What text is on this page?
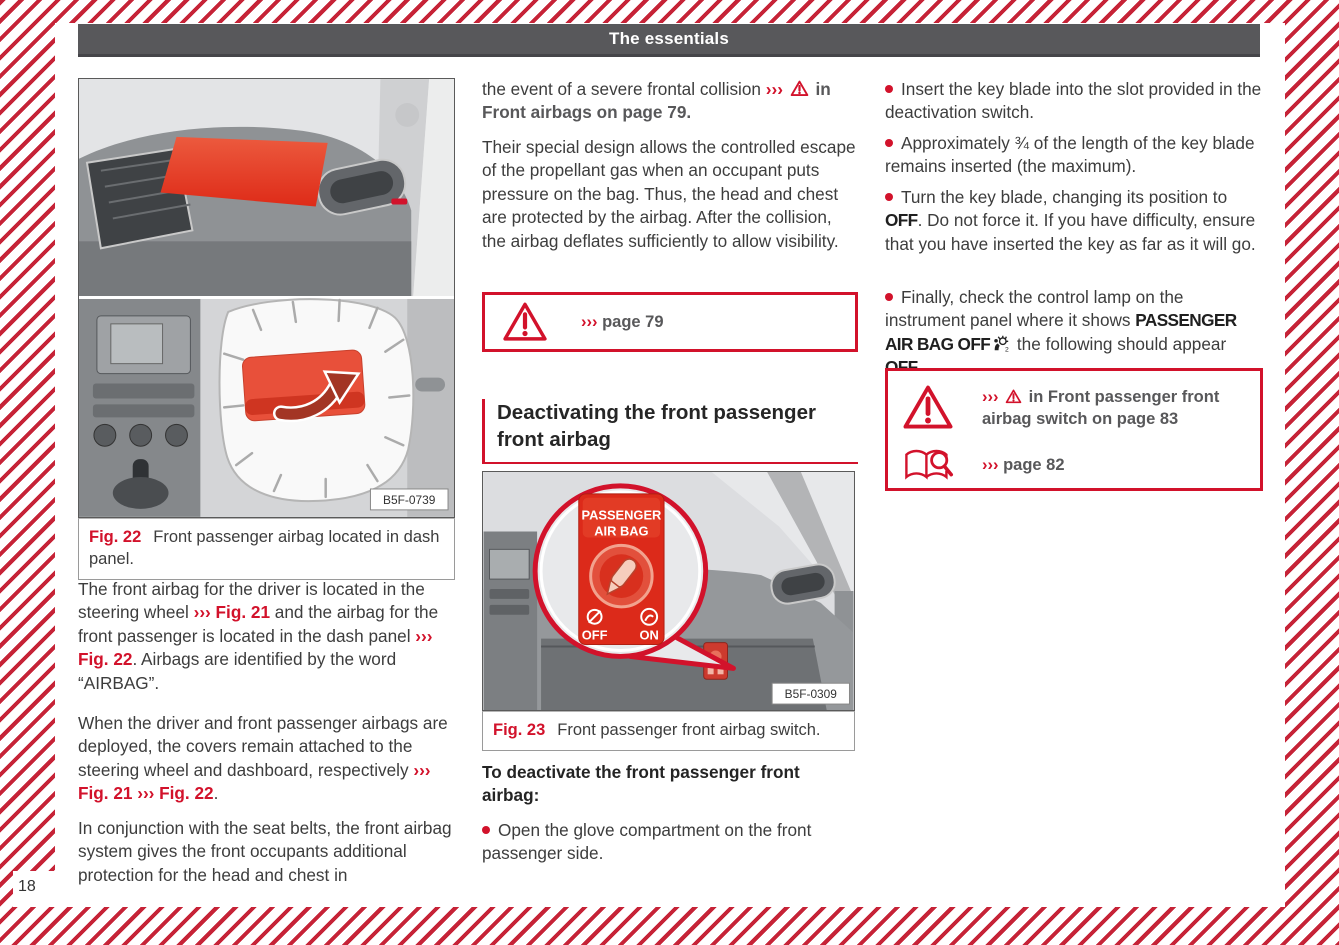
18
The essentials
B5F-0739
Fig. 22 Front passenger airbag located in dash panel.

The front airbag for the driver is located in the steering wheel ››› Fig. 21 and the airbag for the front passenger is located in the dash panel ››› Fig. 22. Airbags are identified by the word “AIRBAG”.

When the driver and front passenger airbags are deployed, the covers remain attached to the steering wheel and dashboard, respectively ››› Fig. 21 ››› Fig. 22.

In conjunction with the seat belts, the front airbag system gives the front occupants additional protection for the head and chest in

the event of a severe frontal collision ›››  in Front airbags on page 79.

Their special design allows the controlled escape of the propellant gas when an occupant puts pressure on the bag. Thus, the head and chest are protected by the airbag. After the collision, the airbag deflates sufficiently to allow visibility.

››› page 79
Deactivating the front passenger front airbag
PASSENGER
AIR BAG
OFF ON
B5F-0309
Fig. 23 Front passenger front airbag switch.

To deactivate the front passenger front airbag:

Open the glove compartment on the front passenger side.

Insert the key blade into the slot provided in the deactivation switch.

Approximately ¾ of the length of the key blade remains inserted (the maximum).

Turn the key blade, changing its position to OFF. Do not force it. If you have difficulty, ensure that you have inserted the key as far as it will go.

Finally, check the control lamp on the instrument panel where it shows PASSENGER AIR BAG OFF 2 the following should appear

›››  in Front passenger front airbag switch on page 83
››› page 82
